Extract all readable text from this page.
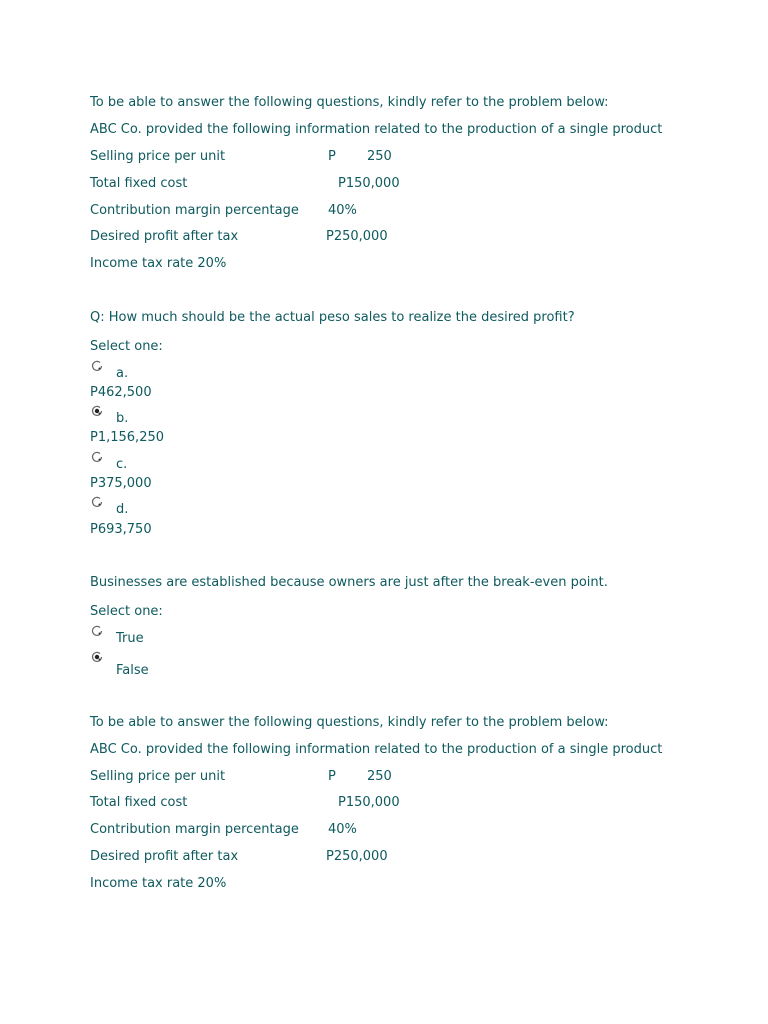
To be able to answer the following questions, kindly refer to the problem below:
ABC Co. provided the following information related to the production of a single product
Selling price per unit	P 250
Total fixed cost	P150,000
Contribution margin percentage 40%
Desired profit after tax	P250,000
Income tax rate 20%
Q: How much should be the actual peso sales to realize the desired profit?
Select one:
a.
P462,500
b.
P1,156,250
c.
P375,000
d.
P693,750
Businesses are established because owners are just after the break-even point.
Select one:
True
False
To be able to answer the following questions, kindly refer to the problem below:
ABC Co. provided the following information related to the production of a single product
Selling price per unit	P 250
Total fixed cost	P150,000
Contribution margin percentage 40%
Desired profit after tax	P250,000
Income tax rate 20%
